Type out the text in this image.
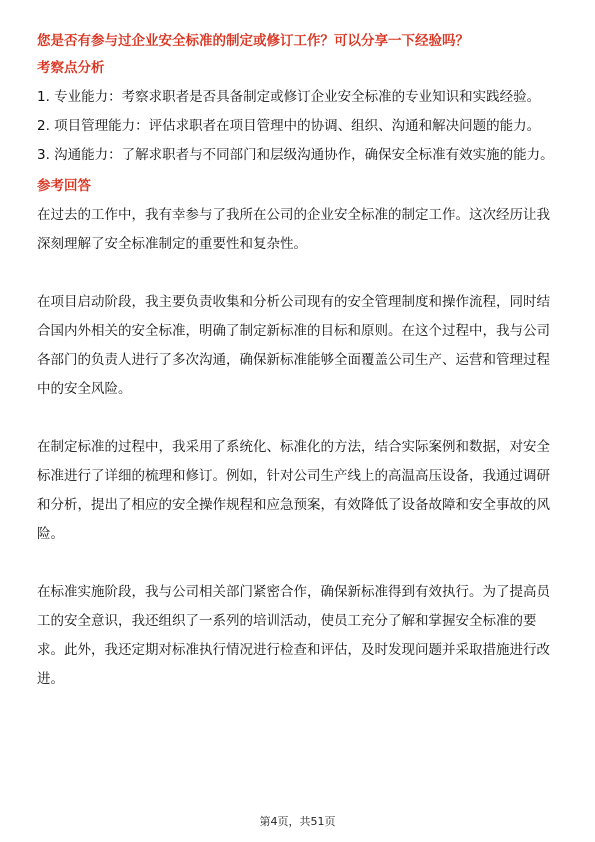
您是否有参与过企业安全标准的制定或修订工作？可以分享一下经验吗？
考察点分析

1. 专业能力：考察求职者是否具备制定或修订企业安全标准的专业知识和实践经验。

2. 项目管理能力：评估求职者在项目管理中的协调、组织、沟通和解决问题的能力。

3. 沟通能力：了解求职者与不同部门和层级沟通协作，确保安全标准有效实施的能力。

参考回答

在过去的工作中，我有幸参与了我所在公司的企业安全标准的制定工作。这次经历让我深刻理解了安全标准制定的重要性和复杂性。

在项目启动阶段，我主要负责收集和分析公司现有的安全管理制度和操作流程，同时结合国内外相关的安全标准，明确了制定新标准的目标和原则。在这个过程中，我与公司各部门的负责人进行了多次沟通，确保新标准能够全面覆盖公司生产、运营和管理过程中的安全风险。

在制定标准的过程中，我采用了系统化、标准化的方法，结合实际案例和数据，对安全标准进行了详细的梳理和修订。例如，针对公司生产线上的高温高压设备，我通过调研和分析，提出了相应的安全操作规程和应急预案，有效降低了设备故障和安全事故的风险。

在标准实施阶段，我与公司相关部门紧密合作，确保新标准得到有效执行。为了提高员工的安全意识，我还组织了一系列的培训活动，使员工充分了解和掌握安全标准的要求。此外，我还定期对标准执行情况进行检查和评估，及时发现问题并采取措施进行改进。

第4页，共51页
